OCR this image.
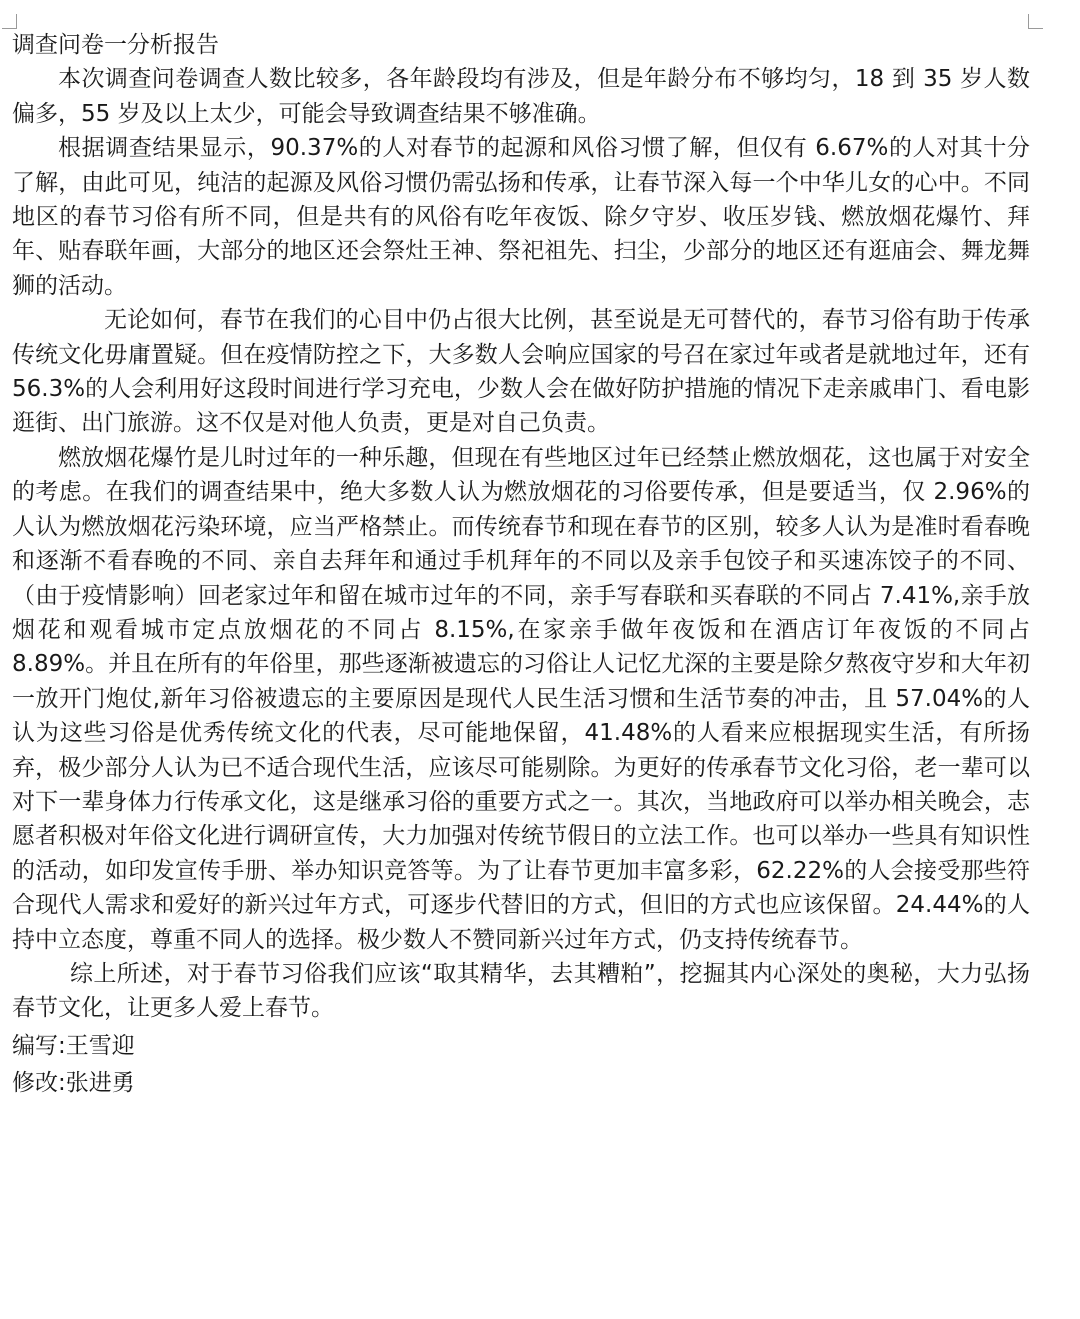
调查问卷一分析报告

本次调查问卷调查人数比较多，各年龄段均有涉及，但是年龄分布不够均匀，18 到 35 岁人数偏多，55 岁及以上太少，可能会导致调查结果不够准确。

根据调查结果显示，90.37%的人对春节的起源和风俗习惯了解，但仅有 6.67%的人对其十分了解，由此可见，纯洁的起源及风俗习惯仍需弘扬和传承，让春节深入每一个中华儿女的心中。不同地区的春节习俗有所不同，但是共有的风俗有吃年夜饭、除夕守岁、收压岁钱、燃放烟花爆竹、拜年、贴春联年画，大部分的地区还会祭灶王神、祭祀祖先、扫尘，少部分的地区还有逛庙会、舞龙舞狮的活动。

无论如何，春节在我们的心目中仍占很大比例，甚至说是无可替代的，春节习俗有助于传承传统文化毋庸置疑。但在疫情防控之下，大多数人会响应国家的号召在家过年或者是就地过年，还有 56.3%的人会利用好这段时间进行学习充电，少数人会在做好防护措施的情况下走亲戚串门、看电影逛街、出门旅游。这不仅是对他人负责，更是对自己负责。

燃放烟花爆竹是儿时过年的一种乐趣，但现在有些地区过年已经禁止燃放烟花，这也属于对安全的考虑。在我们的调查结果中，绝大多数人认为燃放烟花的习俗要传承，但是要适当，仅 2.96%的人认为燃放烟花污染环境，应当严格禁止。而传统春节和现在春节的区别，较多人认为是准时看春晚和逐渐不看春晚的不同、亲自去拜年和通过手机拜年的不同以及亲手包饺子和买速冻饺子的不同、（由于疫情影响）回老家过年和留在城市过年的不同，亲手写春联和买春联的不同占 7.41%,亲手放烟花和观看城市定点放烟花的不同占 8.15%,在家亲手做年夜饭和在酒店订年夜饭的不同占 8.89%。并且在所有的年俗里，那些逐渐被遗忘的习俗让人记忆尤深的主要是除夕熬夜守岁和大年初一放开门炮仗,新年习俗被遗忘的主要原因是现代人民生活习惯和生活节奏的冲击，且 57.04%的人认为这些习俗是优秀传统文化的代表，尽可能地保留，41.48%的人看来应根据现实生活，有所扬弃，极少部分人认为已不适合现代生活，应该尽可能剔除。为更好的传承春节文化习俗，老一辈可以对下一辈身体力行传承文化，这是继承习俗的重要方式之一。其次，当地政府可以举办相关晚会，志愿者积极对年俗文化进行调研宣传，大力加强对传统节假日的立法工作。也可以举办一些具有知识性的活动，如印发宣传手册、举办知识竞答等。为了让春节更加丰富多彩，62.22%的人会接受那些符合现代人需求和爱好的新兴过年方式，可逐步代替旧的方式，但旧的方式也应该保留。24.44%的人持中立态度，尊重不同人的选择。极少数人不赞同新兴过年方式，仍支持传统春节。

综上所述，对于春节习俗我们应该“取其精华，去其糟粕”，挖掘其内心深处的奥秘，大力弘扬春节文化，让更多人爱上春节。

编写:王雪迎

修改:张进勇
